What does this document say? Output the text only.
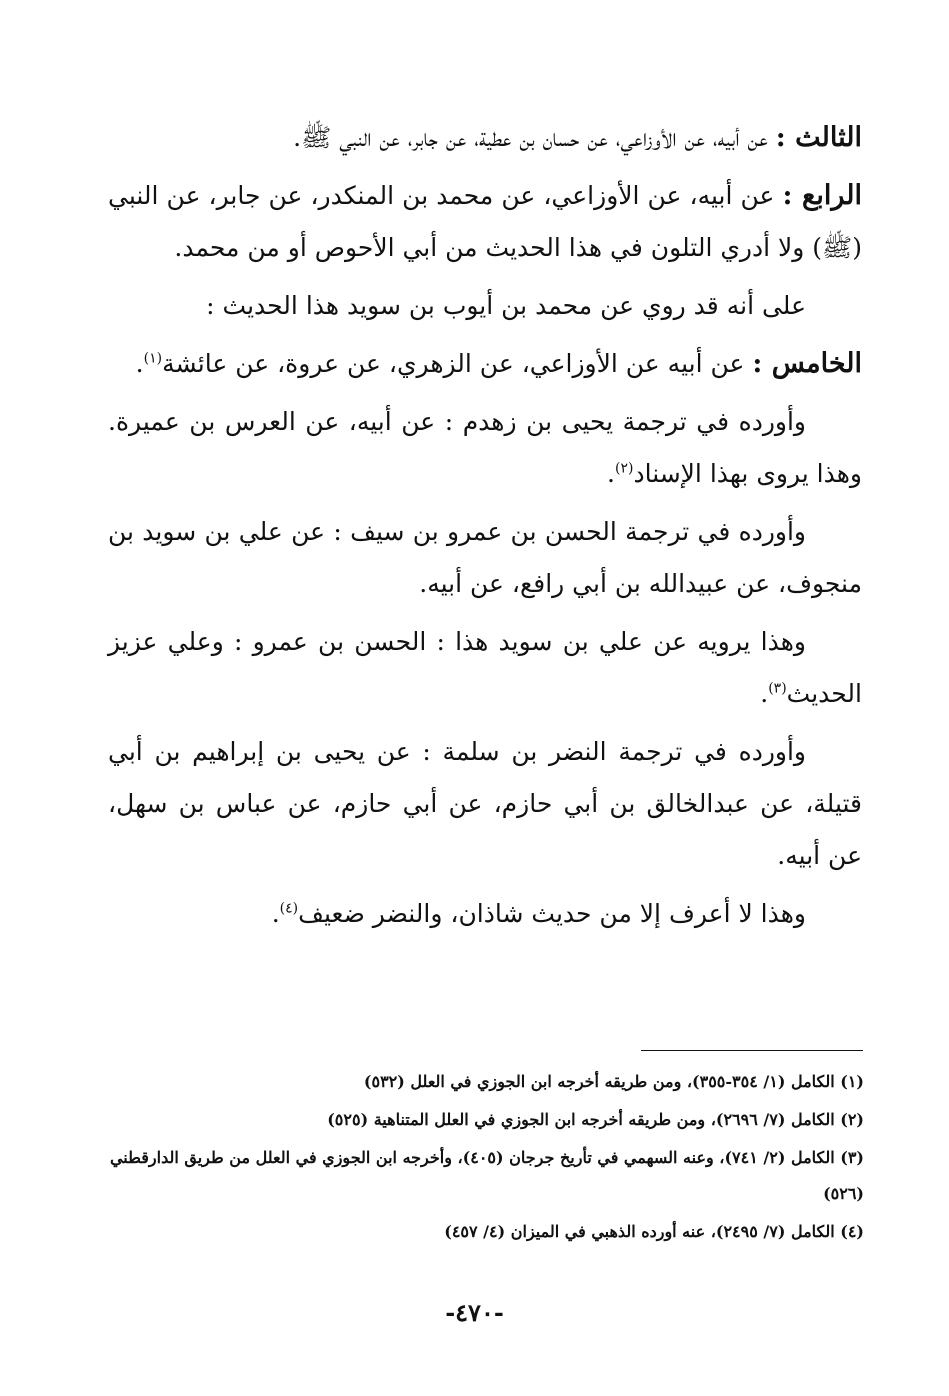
الثالث : عن أبيه، عن الأوزاعي، عن حسان بن عطية، عن جابر، عن النبي ﷺ.

الرابع : عن أبيه، عن الأوزاعي، عن محمد بن المنكدر، عن جابر، عن النبي (ﷺ) ولا أدري التلون في هذا الحديث من أبي الأحوص أو من محمد.

على أنه قد روي عن محمد بن أيوب بن سويد هذا الحديث :

الخامس : عن أبيه عن الأوزاعي، عن الزهري، عن عروة، عن عائشة$^{(١)}$.

وأورده في ترجمة يحيى بن زهدم : عن أبيه، عن العرس بن عميرة. وهذا يروى بهذا الإسناد$^{(٢)}$.

وأورده في ترجمة الحسن بن عمرو بن سيف : عن علي بن سويد بن منجوف، عن عبيدالله بن أبي رافع، عن أبيه.

وهذا يرويه عن علي بن سويد هذا : الحسن بن عمرو : وعلي عزيز الحديث$^{(٣)}$.

وأورده في ترجمة النضر بن سلمة : عن يحيى بن إبراهيم بن أبي قتيلة، عن عبدالخالق بن أبي حازم، عن أبي حازم، عن عباس بن سهل، عن أبيه.

وهذا لا أعرف إلا من حديث شاذان، والنضر ضعيف$^{(٤)}$.

(١) الكامل (١/ ٣٥٤-٣٥٥)، ومن طريقه أخرجه ابن الجوزي في العلل (٥٣٢)

(٢) الكامل (٧/ ٢٦٩٦)، ومن طريقه أخرجه ابن الجوزي في العلل المتناهية (٥٢٥)

(٣) الكامل (٢/ ٧٤١)، وعنه السهمي في تأريخ جرجان (٤٠٥)، وأخرجه ابن الجوزي في العلل من طريق الدارقطني (٥٢٦)

(٤) الكامل (٧/ ٢٤٩٥)، عنه أورده الذهبي في الميزان (٤/ ٤٥٧)

-٤٧٠-
